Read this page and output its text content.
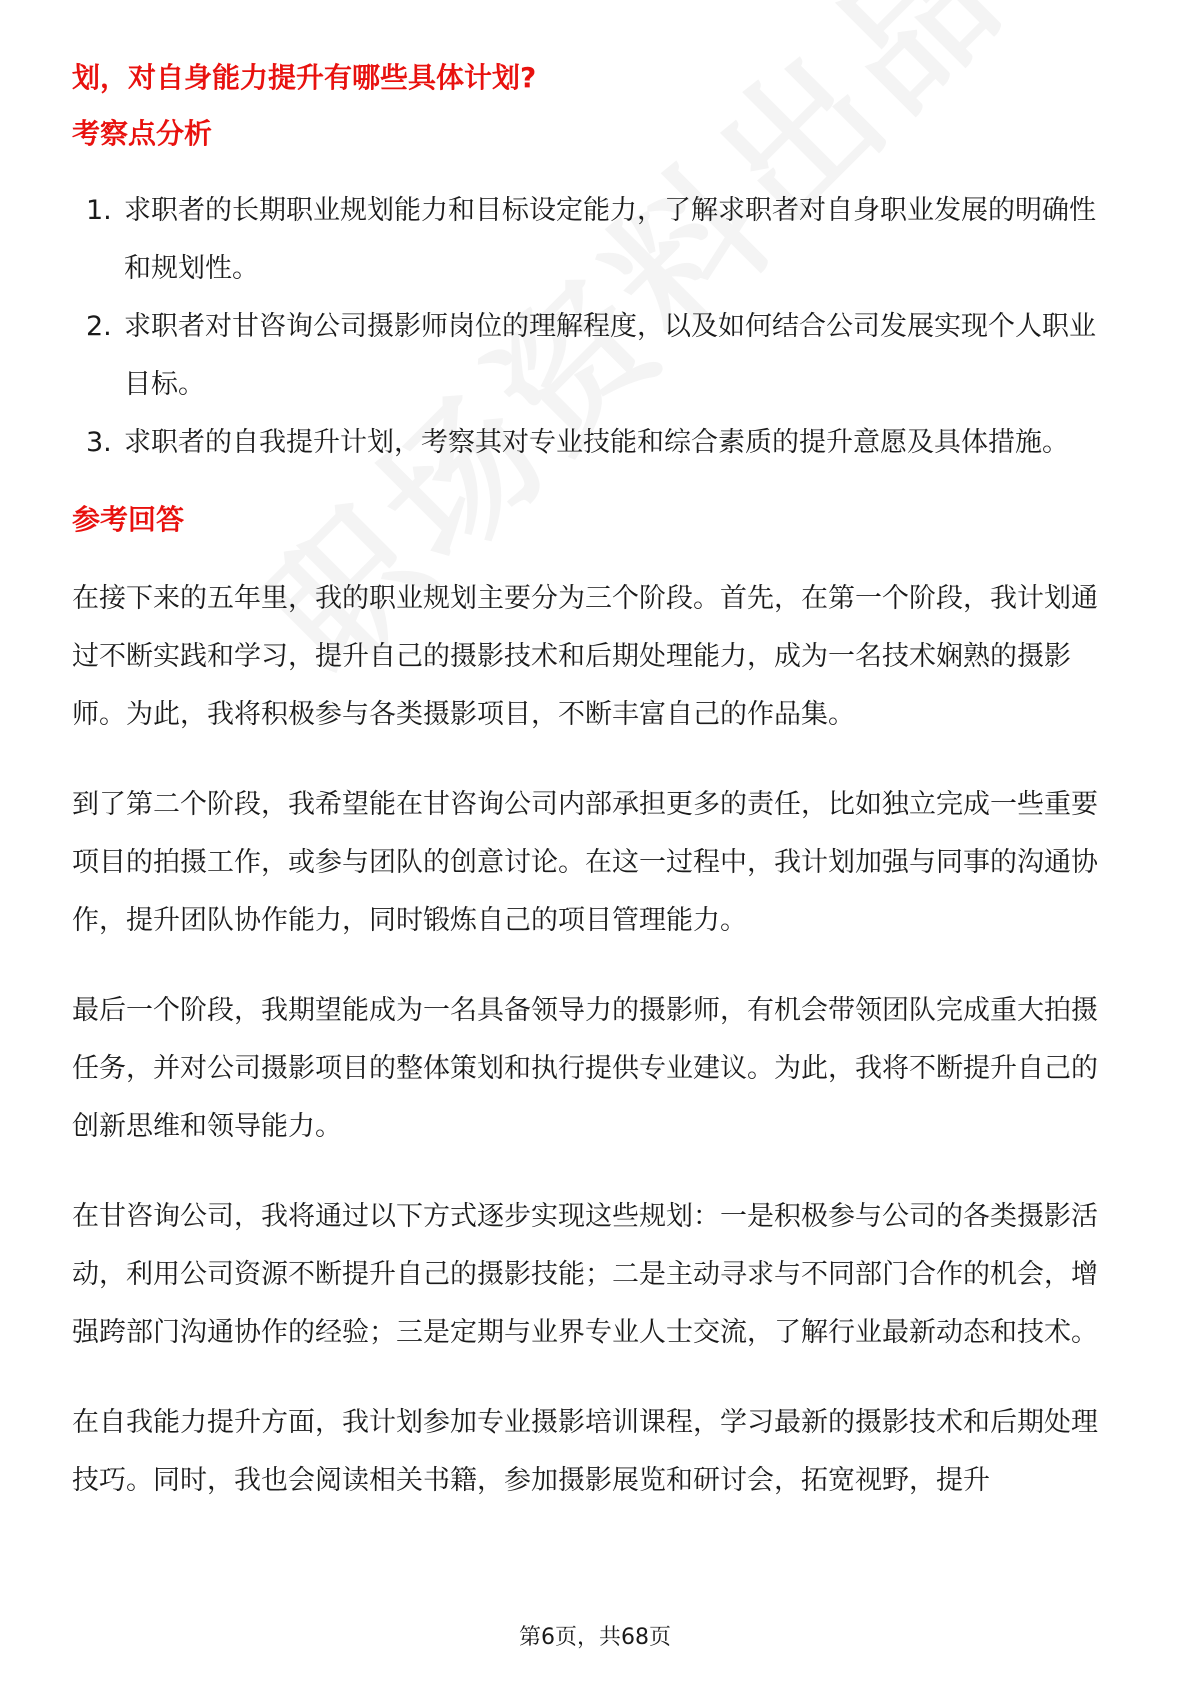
划，对自身能力提升有哪些具体计划?

考察点分析
1. 求职者的长期职业规划能力和目标设定能力，了解求职者对自身职业发展的明确性和规划性。
2. 求职者对甘咨询公司摄影师岗位的理解程度，以及如何结合公司发展实现个人职业目标。
3. 求职者的自我提升计划，考察其对专业技能和综合素质的提升意愿及具体措施。
参考回答

在接下来的五年里，我的职业规划主要分为三个阶段。首先，在第一个阶段，我计划通过不断实践和学习，提升自己的摄影技术和后期处理能力，成为一名技术娴熟的摄影师。为此，我将积极参与各类摄影项目，不断丰富自己的作品集。

到了第二个阶段，我希望能在甘咨询公司内部承担更多的责任，比如独立完成一些重要项目的拍摄工作，或参与团队的创意讨论。在这一过程中，我计划加强与同事的沟通协作，提升团队协作能力，同时锻炼自己的项目管理能力。

最后一个阶段，我期望能成为一名具备领导力的摄影师，有机会带领团队完成重大拍摄任务，并对公司摄影项目的整体策划和执行提供专业建议。为此，我将不断提升自己的创新思维和领导能力。

在甘咨询公司，我将通过以下方式逐步实现这些规划：一是积极参与公司的各类摄影活动，利用公司资源不断提升自己的摄影技能；二是主动寻求与不同部门合作的机会，增强跨部门沟通协作的经验；三是定期与业界专业人士交流，了解行业最新动态和技术。

在自我能力提升方面，我计划参加专业摄影培训课程，学习最新的摄影技术和后期处理技巧。同时，我也会阅读相关书籍，参加摄影展览和研讨会，拓宽视野，提升

第6页，共68页
